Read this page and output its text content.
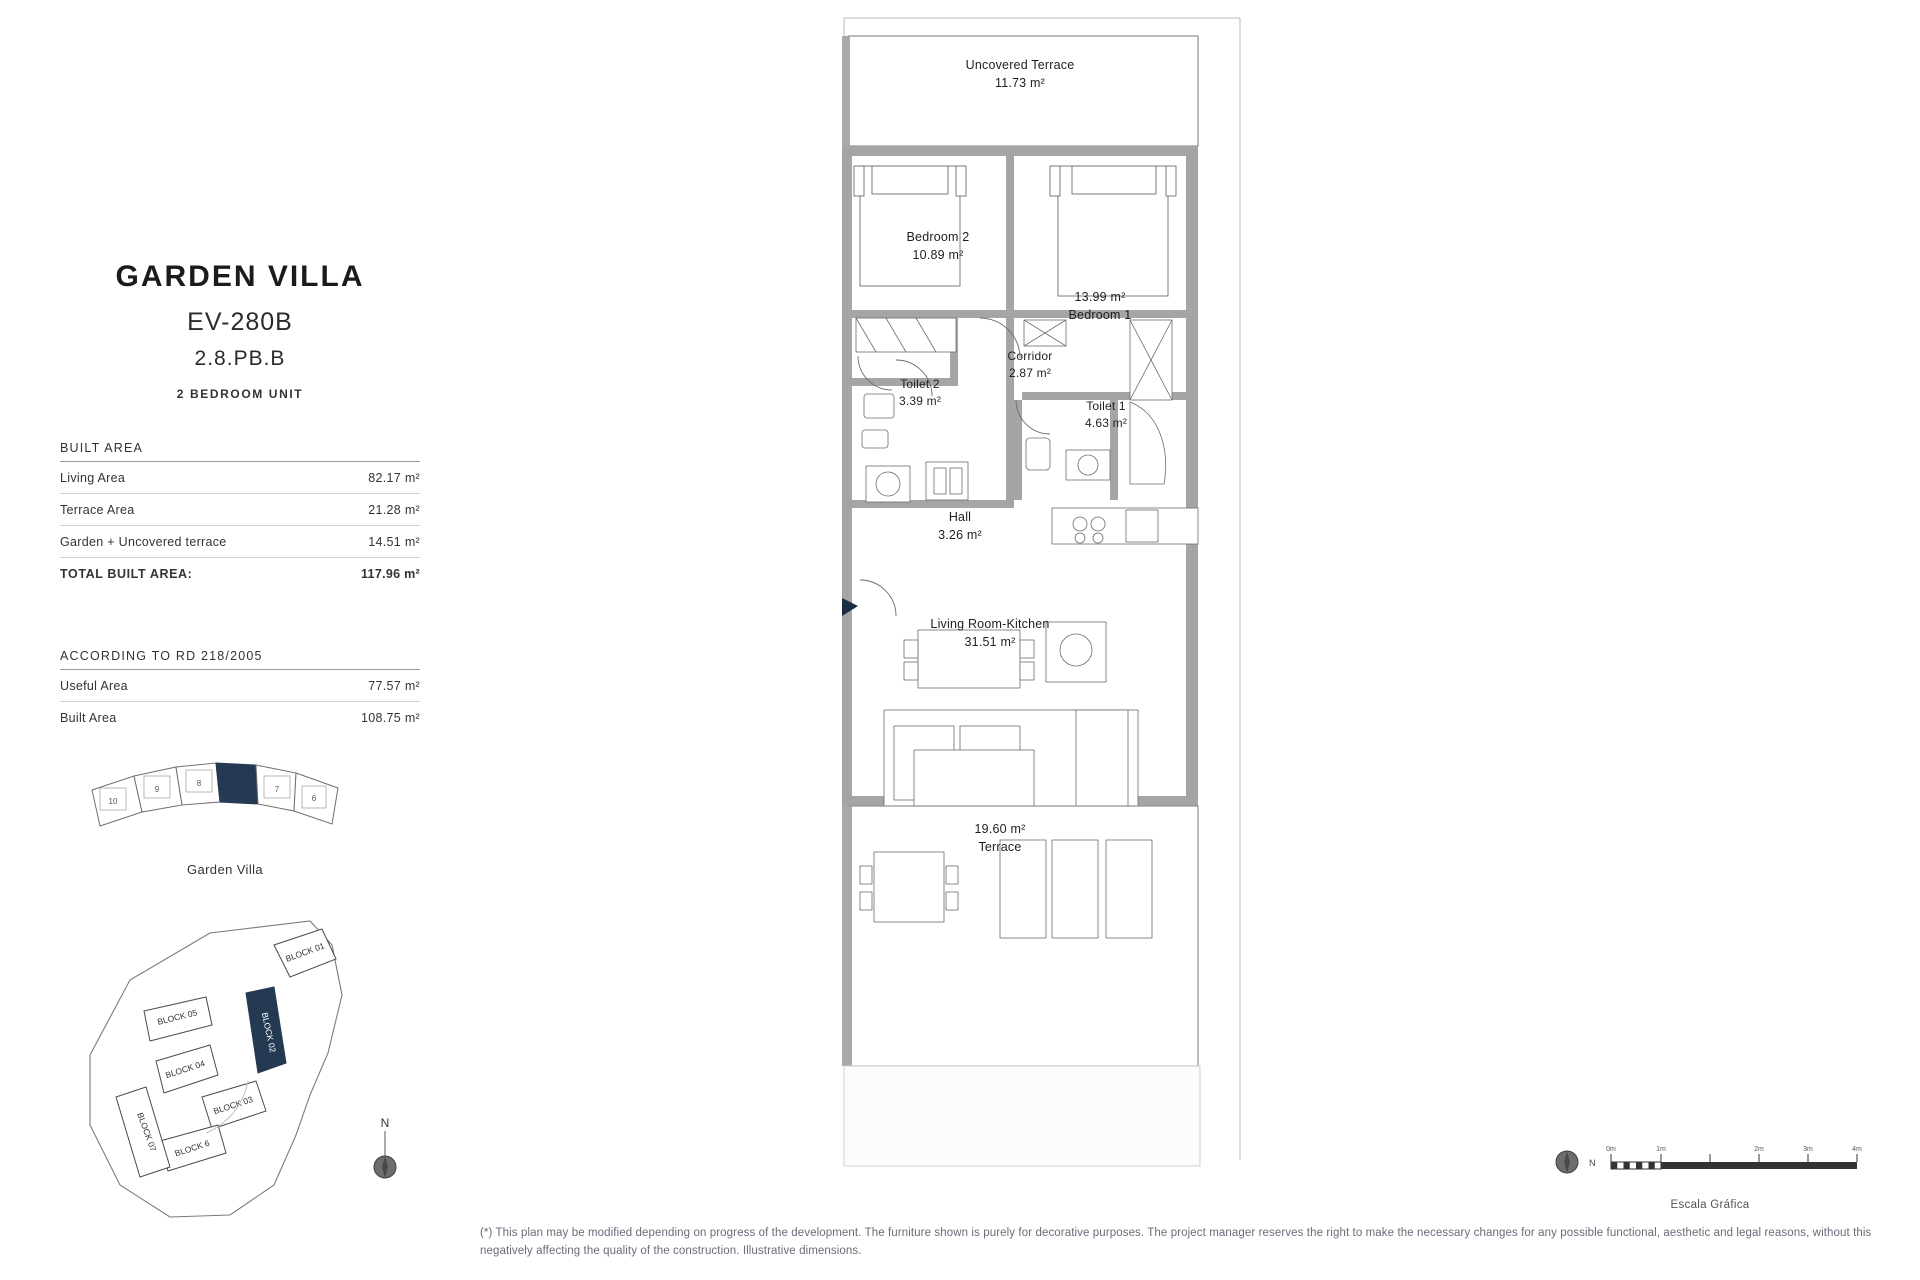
GARDEN VILLA
EV-280B
2.8.PB.B
2 BEDROOM UNIT
BUILT AREA
Living Area	82.17 m²
Terrace Area	21.28 m²
Garden + Uncovered terrace	14.51 m²
TOTAL BUILT AREA:	117.96 m²
ACCORDING TO RD 218/2005
Useful Area	77.57 m²
Built Area	108.75 m²
10
9
8
7
6
Garden Villa
BLOCK 01
BLOCK 02
BLOCK 03
BLOCK 04
BLOCK 05
BLOCK 6
BLOCK 07	N
Uncovered Terrace
11.73 m²
Bedroom 2
10.89 m²
13.99 m²
Bedroom 1
Corridor
2.87 m²
Toilet 2
3.39 m²	Toilet 1
4.63 m²
Hall
3.26 m²
Living Room-Kitchen
31.51 m²
19.60 m²
Terrace
N
0m	1m	2m	3m	4m
Escala Gráfica
(*) This plan may be modified depending on progress of the development. The furniture shown is purely for decorative purposes. The project manager reserves the right to make the necessary changes for any possible functional, aesthetic and legal reasons, without this negatively affecting the quality of the construction. Illustrative dimensions.
